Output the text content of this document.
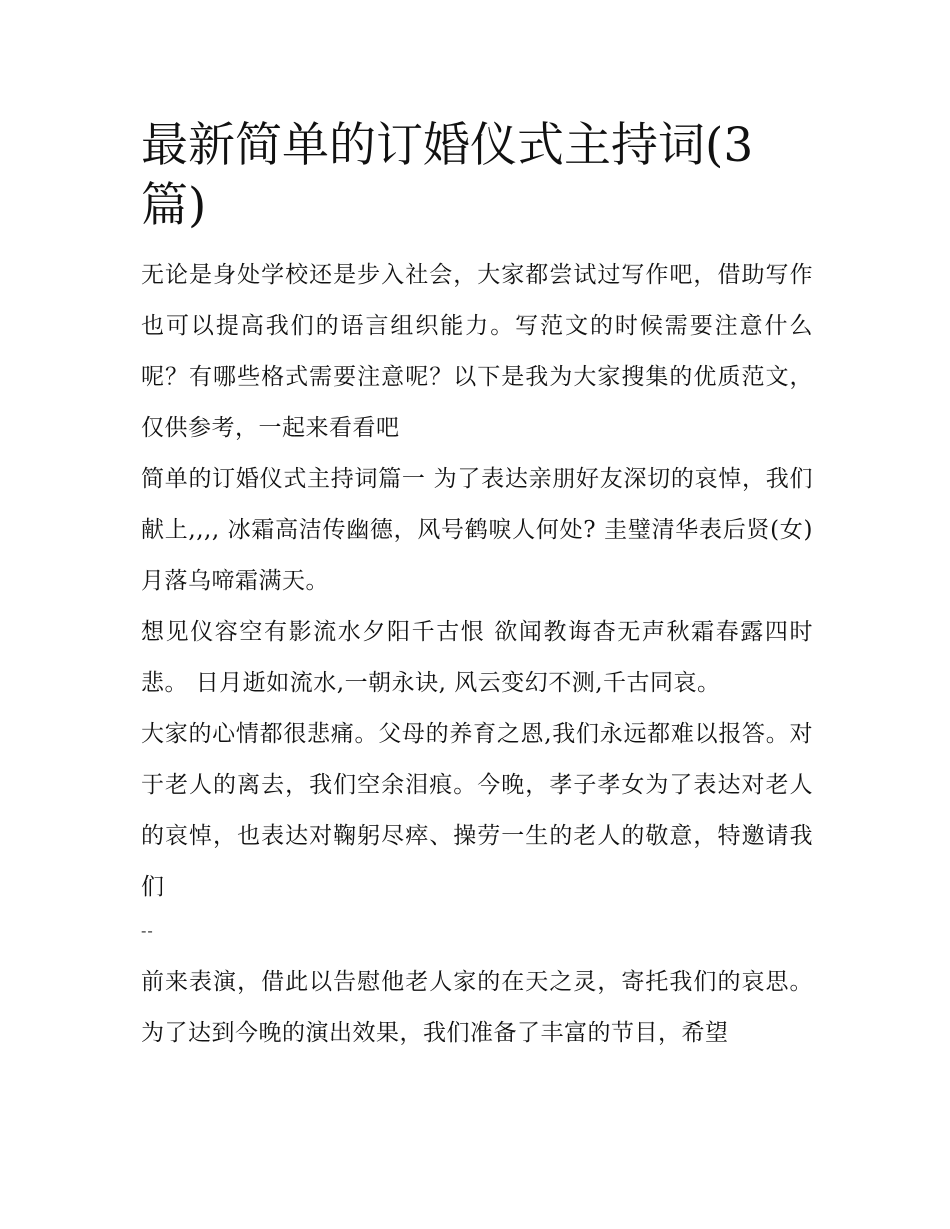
最新简单的订婚仪式主持词(3篇)

无论是身处学校还是步入社会，大家都尝试过写作吧，借助写作也可以提高我们的语言组织能力。写范文的时候需要注意什么呢？有哪些格式需要注意呢？以下是我为大家搜集的优质范文，仅供参考，一起来看看吧

简单的订婚仪式主持词篇一 为了表达亲朋好友深切的哀悼，我们献上,,,, 冰霜高洁传幽德，风号鹤唳人何处? 圭璧清华表后贤(女)月落乌啼霜满天。

想见仪容空有影流水夕阳千古恨 欲闻教诲杳无声秋霜春露四时悲。 日月逝如流水,一朝永诀, 风云变幻不测,千古同哀。

大家的心情都很悲痛。父母的养育之恩,我们永远都难以报答。对于老人的离去，我们空余泪痕。今晚，孝子孝女为了表达对老人的哀悼，也表达对鞠躬尽瘁、操劳一生的老人的敬意，特邀请我们

--

前来表演，借此以告慰他老人家的在天之灵，寄托我们的哀思。为了达到今晚的演出效果，我们准备了丰富的节目，希望
